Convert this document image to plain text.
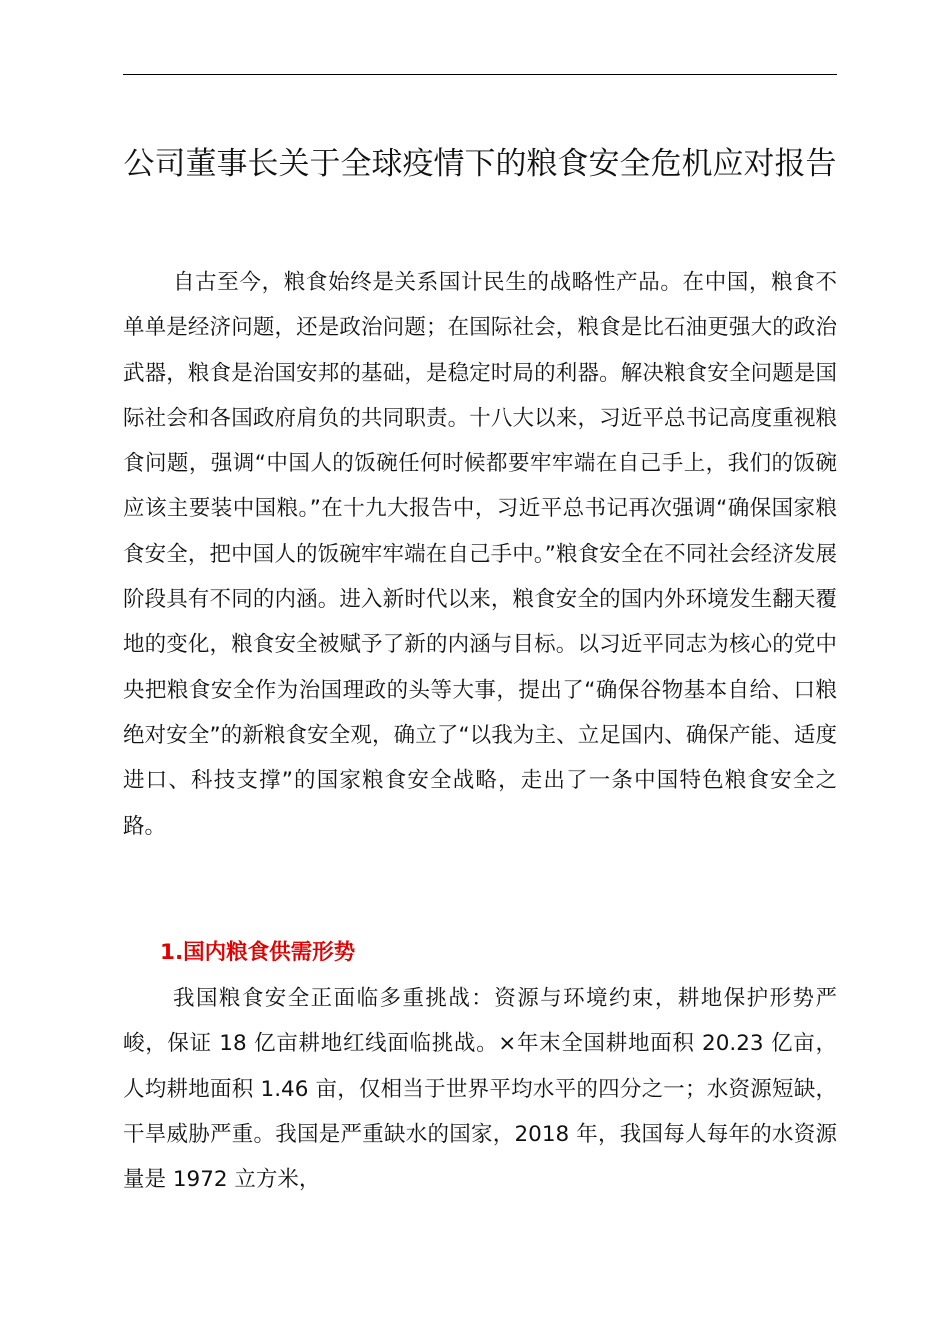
公司董事长关于全球疫情下的粮食安全危机应对报告

自古至今，粮食始终是关系国计民生的战略性产品。在中国，粮食不单单是经济问题，还是政治问题；在国际社会，粮食是比石油更强大的政治武器，粮食是治国安邦的基础，是稳定时局的利器。解决粮食安全问题是国际社会和各国政府肩负的共同职责。十八大以来，习近平总书记高度重视粮食问题，强调“中国人的饭碗任何时候都要牢牢端在自己手上，我们的饭碗应该主要装中国粮。”在十九大报告中，习近平总书记再次强调“确保国家粮食安全，把中国人的饭碗牢牢端在自己手中。”粮食安全在不同社会经济发展阶段具有不同的内涵。进入新时代以来，粮食安全的国内外环境发生翻天覆地的变化，粮食安全被赋予了新的内涵与目标。以习近平同志为核心的党中央把粮食安全作为治国理政的头等大事，提出了“确保谷物基本自给、口粮绝对安全”的新粮食安全观，确立了“以我为主、立足国内、确保产能、适度进口、科技支撑”的国家粮食安全战略，走出了一条中国特色粮食安全之路。

1.国内粮食供需形势

我国粮食安全正面临多重挑战：资源与环境约束，耕地保护形势严峻，保证 18 亿亩耕地红线面临挑战。×年末全国耕地面积 20.23 亿亩，人均耕地面积 1.46 亩，仅相当于世界平均水平的四分之一；水资源短缺，干旱威胁严重。我国是严重缺水的国家，2018 年，我国每人每年的水资源量是 1972 立方米，
